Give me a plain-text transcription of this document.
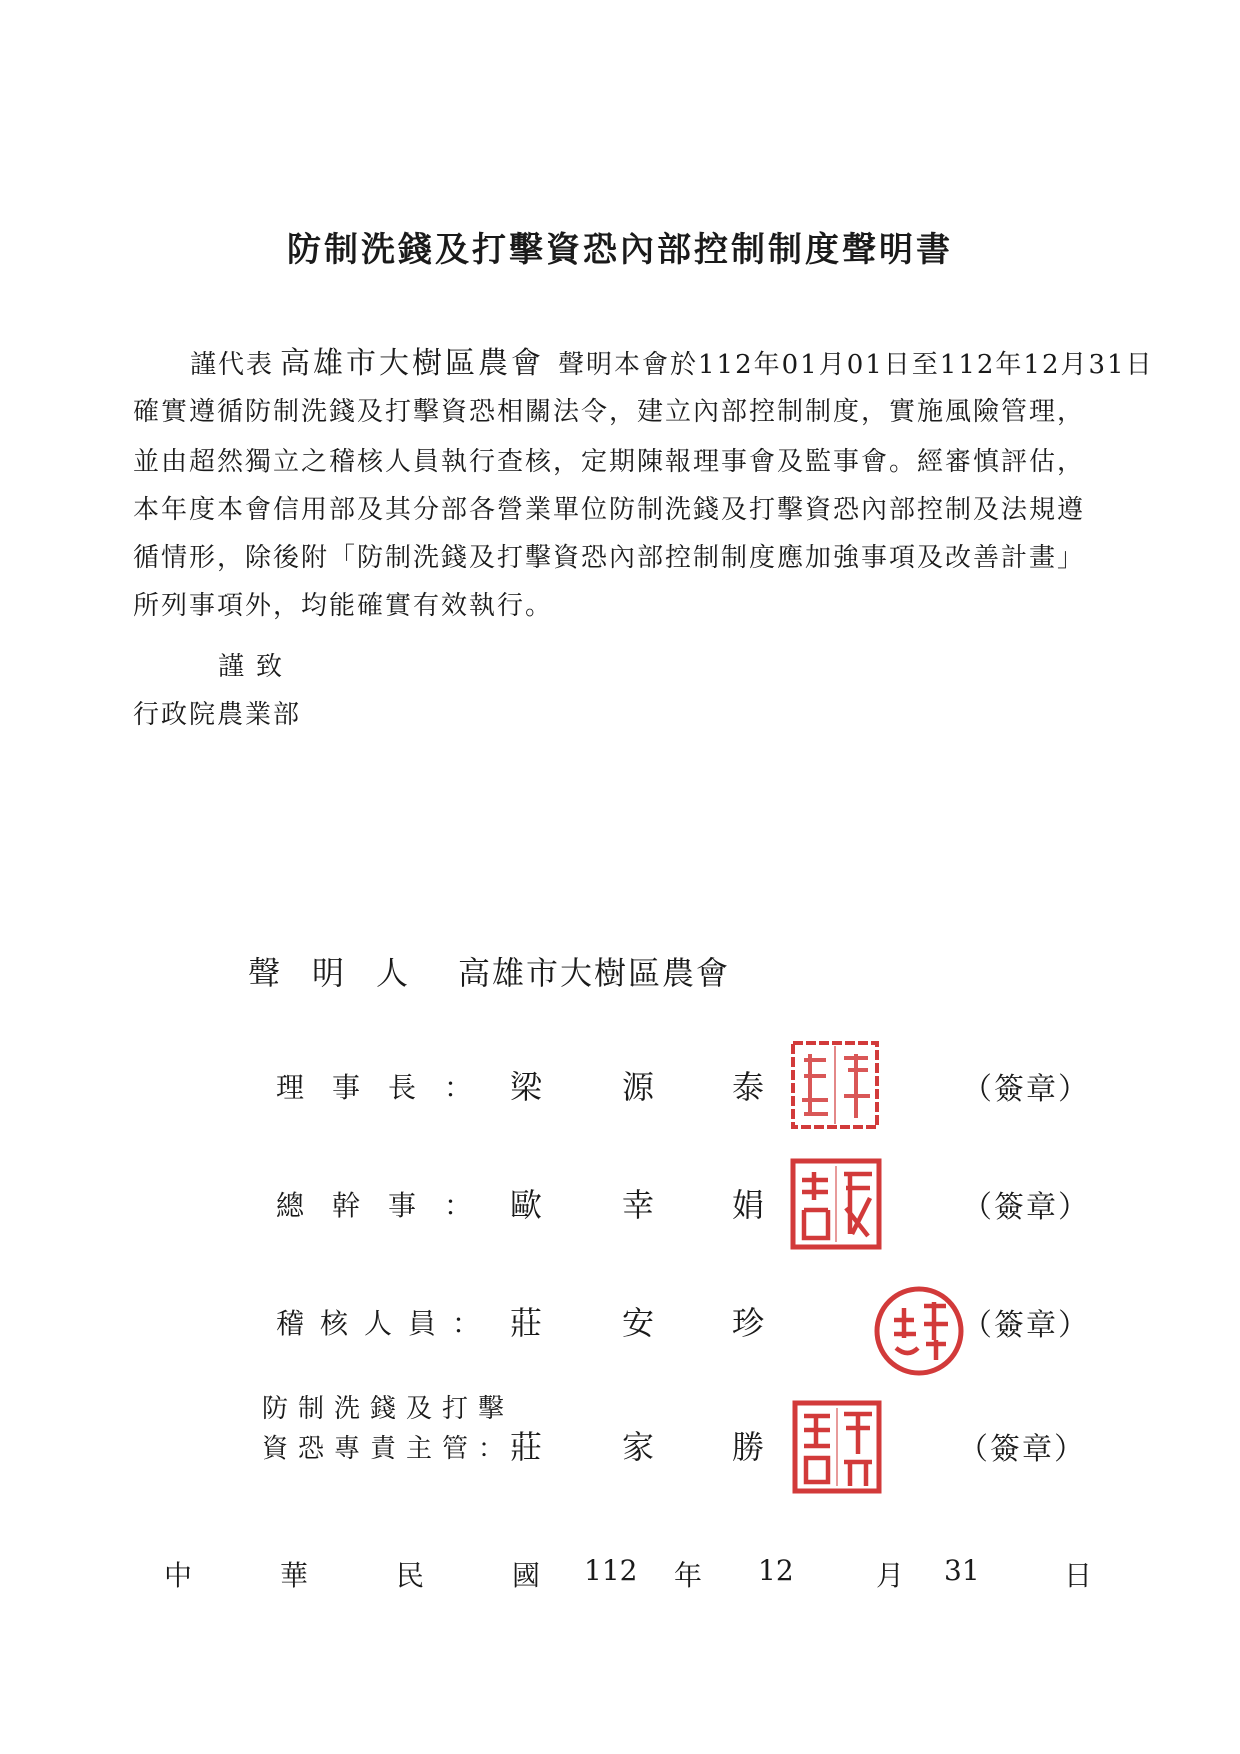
防制洗錢及打擊資恐內部控制制度聲明書
謹代表 高雄市大樹區農會 聲明本會於112年01月01日至112年12月31日
確實遵循防制洗錢及打擊資恐相關法令，建立內部控制制度，實施風險管理，
並由超然獨立之稽核人員執行查核，定期陳報理事會及監事會。經審慎評估，
本年度本會信用部及其分部各營業單位防制洗錢及打擊資恐內部控制及法規遵
循情形，除後附「防制洗錢及打擊資恐內部控制制度應加強事項及改善計畫」
所列事項外，均能確實有效執行。
謹致
行政院農業部
聲明人 高雄市大樹區農會
理事長： 梁 源 泰	（簽章）
總幹事： 歐 幸 娟	（簽章）
稽核人員： 莊 安 珍	（簽章）
防制洗錢及打擊
資恐專責主管：
莊 家 勝	（簽章）
中	華	民	國 112 年 12	月 31	日
